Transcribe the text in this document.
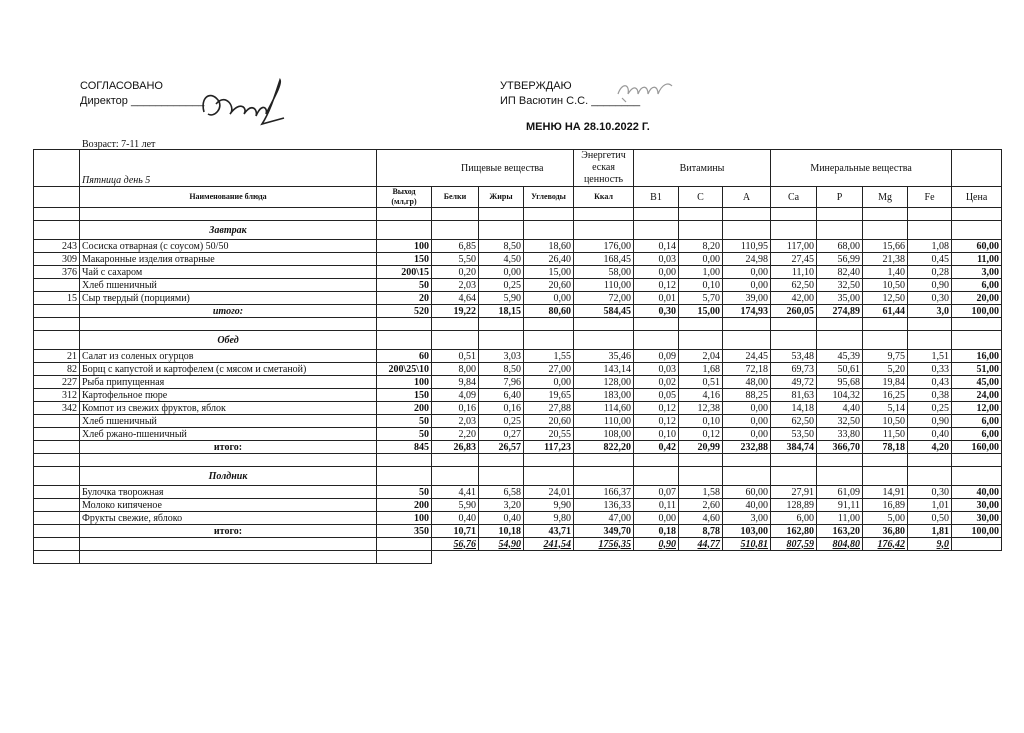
СОГЛАСОВАНО
Директор ____________
УТВЕРЖДАЮ
ИП Васютин С.С. ________
МЕНЮ НА 28.10.2022 Г.
Возраст: 7-11 лет
	Пятница день 5		Пищевые вещества			Энергетич еская ценность	Витамины			Минеральные вещества				
	Наименование блюда	Выход (мл,гр)	Белки	Жиры	Углеводы	Ккал	B1	C	A	Ca	P	Mg	Fe	Цена

	Завтрак													
243	Сосиска отварная (с соусом) 50/50	100	6,85	8,50	18,60	176,00	0,14	8,20	110,95	117,00	68,00	15,66	1,08	60,00
309	Макаронные изделия отварные	150	5,50	4,50	26,40	168,45	0,03	0,00	24,98	27,45	56,99	21,38	0,45	11,00
376	Чай с сахаром	200\15	0,20	0,00	15,00	58,00	0,00	1,00	0,00	11,10	82,40	1,40	0,28	3,00
	Хлеб пшеничный	50	2,03	0,25	20,60	110,00	0,12	0,10	0,00	62,50	32,50	10,50	0,90	6,00
15	Сыр твердый (порциями)	20	4,64	5,90	0,00	72,00	0,01	5,70	39,00	42,00	35,00	12,50	0,30	20,00
	итого:	520	19,22	18,15	80,60	584,45	0,30	15,00	174,93	260,05	274,89	61,44	3,0	100,00

	Обед													
21	Салат из соленых огурцов	60	0,51	3,03	1,55	35,46	0,09	2,04	24,45	53,48	45,39	9,75	1,51	16,00
82	Борщ с капустой и картофелем (с мясом и сметаной)	200\25\10	8,00	8,50	27,00	143,14	0,03	1,68	72,18	69,73	50,61	5,20	0,33	51,00
227	Рыба припущенная	100	9,84	7,96	0,00	128,00	0,02	0,51	48,00	49,72	95,68	19,84	0,43	45,00
312	Картофельное пюре	150	4,09	6,40	19,65	183,00	0,05	4,16	88,25	81,63	104,32	16,25	0,38	24,00
342	Компот из свежих фруктов, яблок	200	0,16	0,16	27,88	114,60	0,12	12,38	0,00	14,18	4,40	5,14	0,25	12,00
	Хлеб пшеничный	50	2,03	0,25	20,60	110,00	0,12	0,10	0,00	62,50	32,50	10,50	0,90	6,00
	Хлеб ржано-пшеничный	50	2,20	0,27	20,55	108,00	0,10	0,12	0,00	53,50	33,80	11,50	0,40	6,00
	итого:	845	26,83	26,57	117,23	822,20	0,42	20,99	232,88	384,74	366,70	78,18	4,20	160,00

	Полдник													
	Булочка творожная	50	4,41	6,58	24,01	166,37	0,07	1,58	60,00	27,91	61,09	14,91	0,30	40,00
	Молоко кипяченое	200	5,90	3,20	9,90	136,33	0,11	2,60	40,00	128,89	91,11	16,89	1,01	30,00
	Фрукты свежие, яблоко	100	0,40	0,40	9,80	47,00	0,00	4,60	3,00	6,00	11,00	5,00	0,50	30,00
	итого:	350	10,71	10,18	43,71	349,70	0,18	8,78	103,00	162,80	163,20	36,80	1,81	100,00
			56,76	54,90	241,54	1756,35	0,90	44,77	510,81	807,59	804,80	176,42	9,0	
